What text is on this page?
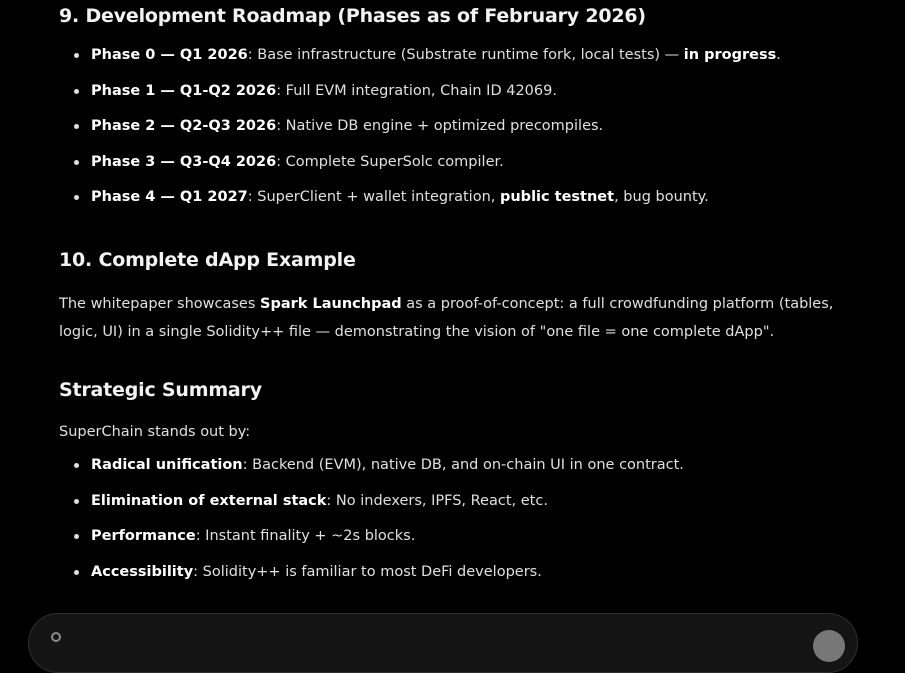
9. Development Roadmap (Phases as of February 2026)
Phase 0 — Q1 2026: Base infrastructure (Substrate runtime fork, local tests) — in progress.
Phase 1 — Q1-Q2 2026: Full EVM integration, Chain ID 42069.
Phase 2 — Q2-Q3 2026: Native DB engine + optimized precompiles.
Phase 3 — Q3-Q4 2026: Complete SuperSolc compiler.
Phase 4 — Q1 2027: SuperClient + wallet integration, public testnet, bug bounty.
10. Complete dApp Example

The whitepaper showcases Spark Launchpad as a proof-of-concept: a full crowdfunding platform (tables, logic, UI) in a single Solidity++ file — demonstrating the vision of "one file = one complete dApp".

Strategic Summary

SuperChain stands out by:

Radical unification: Backend (EVM), native DB, and on-chain UI in one contract.
Elimination of external stack: No indexers, IPFS, React, etc.
Performance: Instant finality + ~2s blocks.
Accessibility: Solidity++ is familiar to most DeFi developers.
